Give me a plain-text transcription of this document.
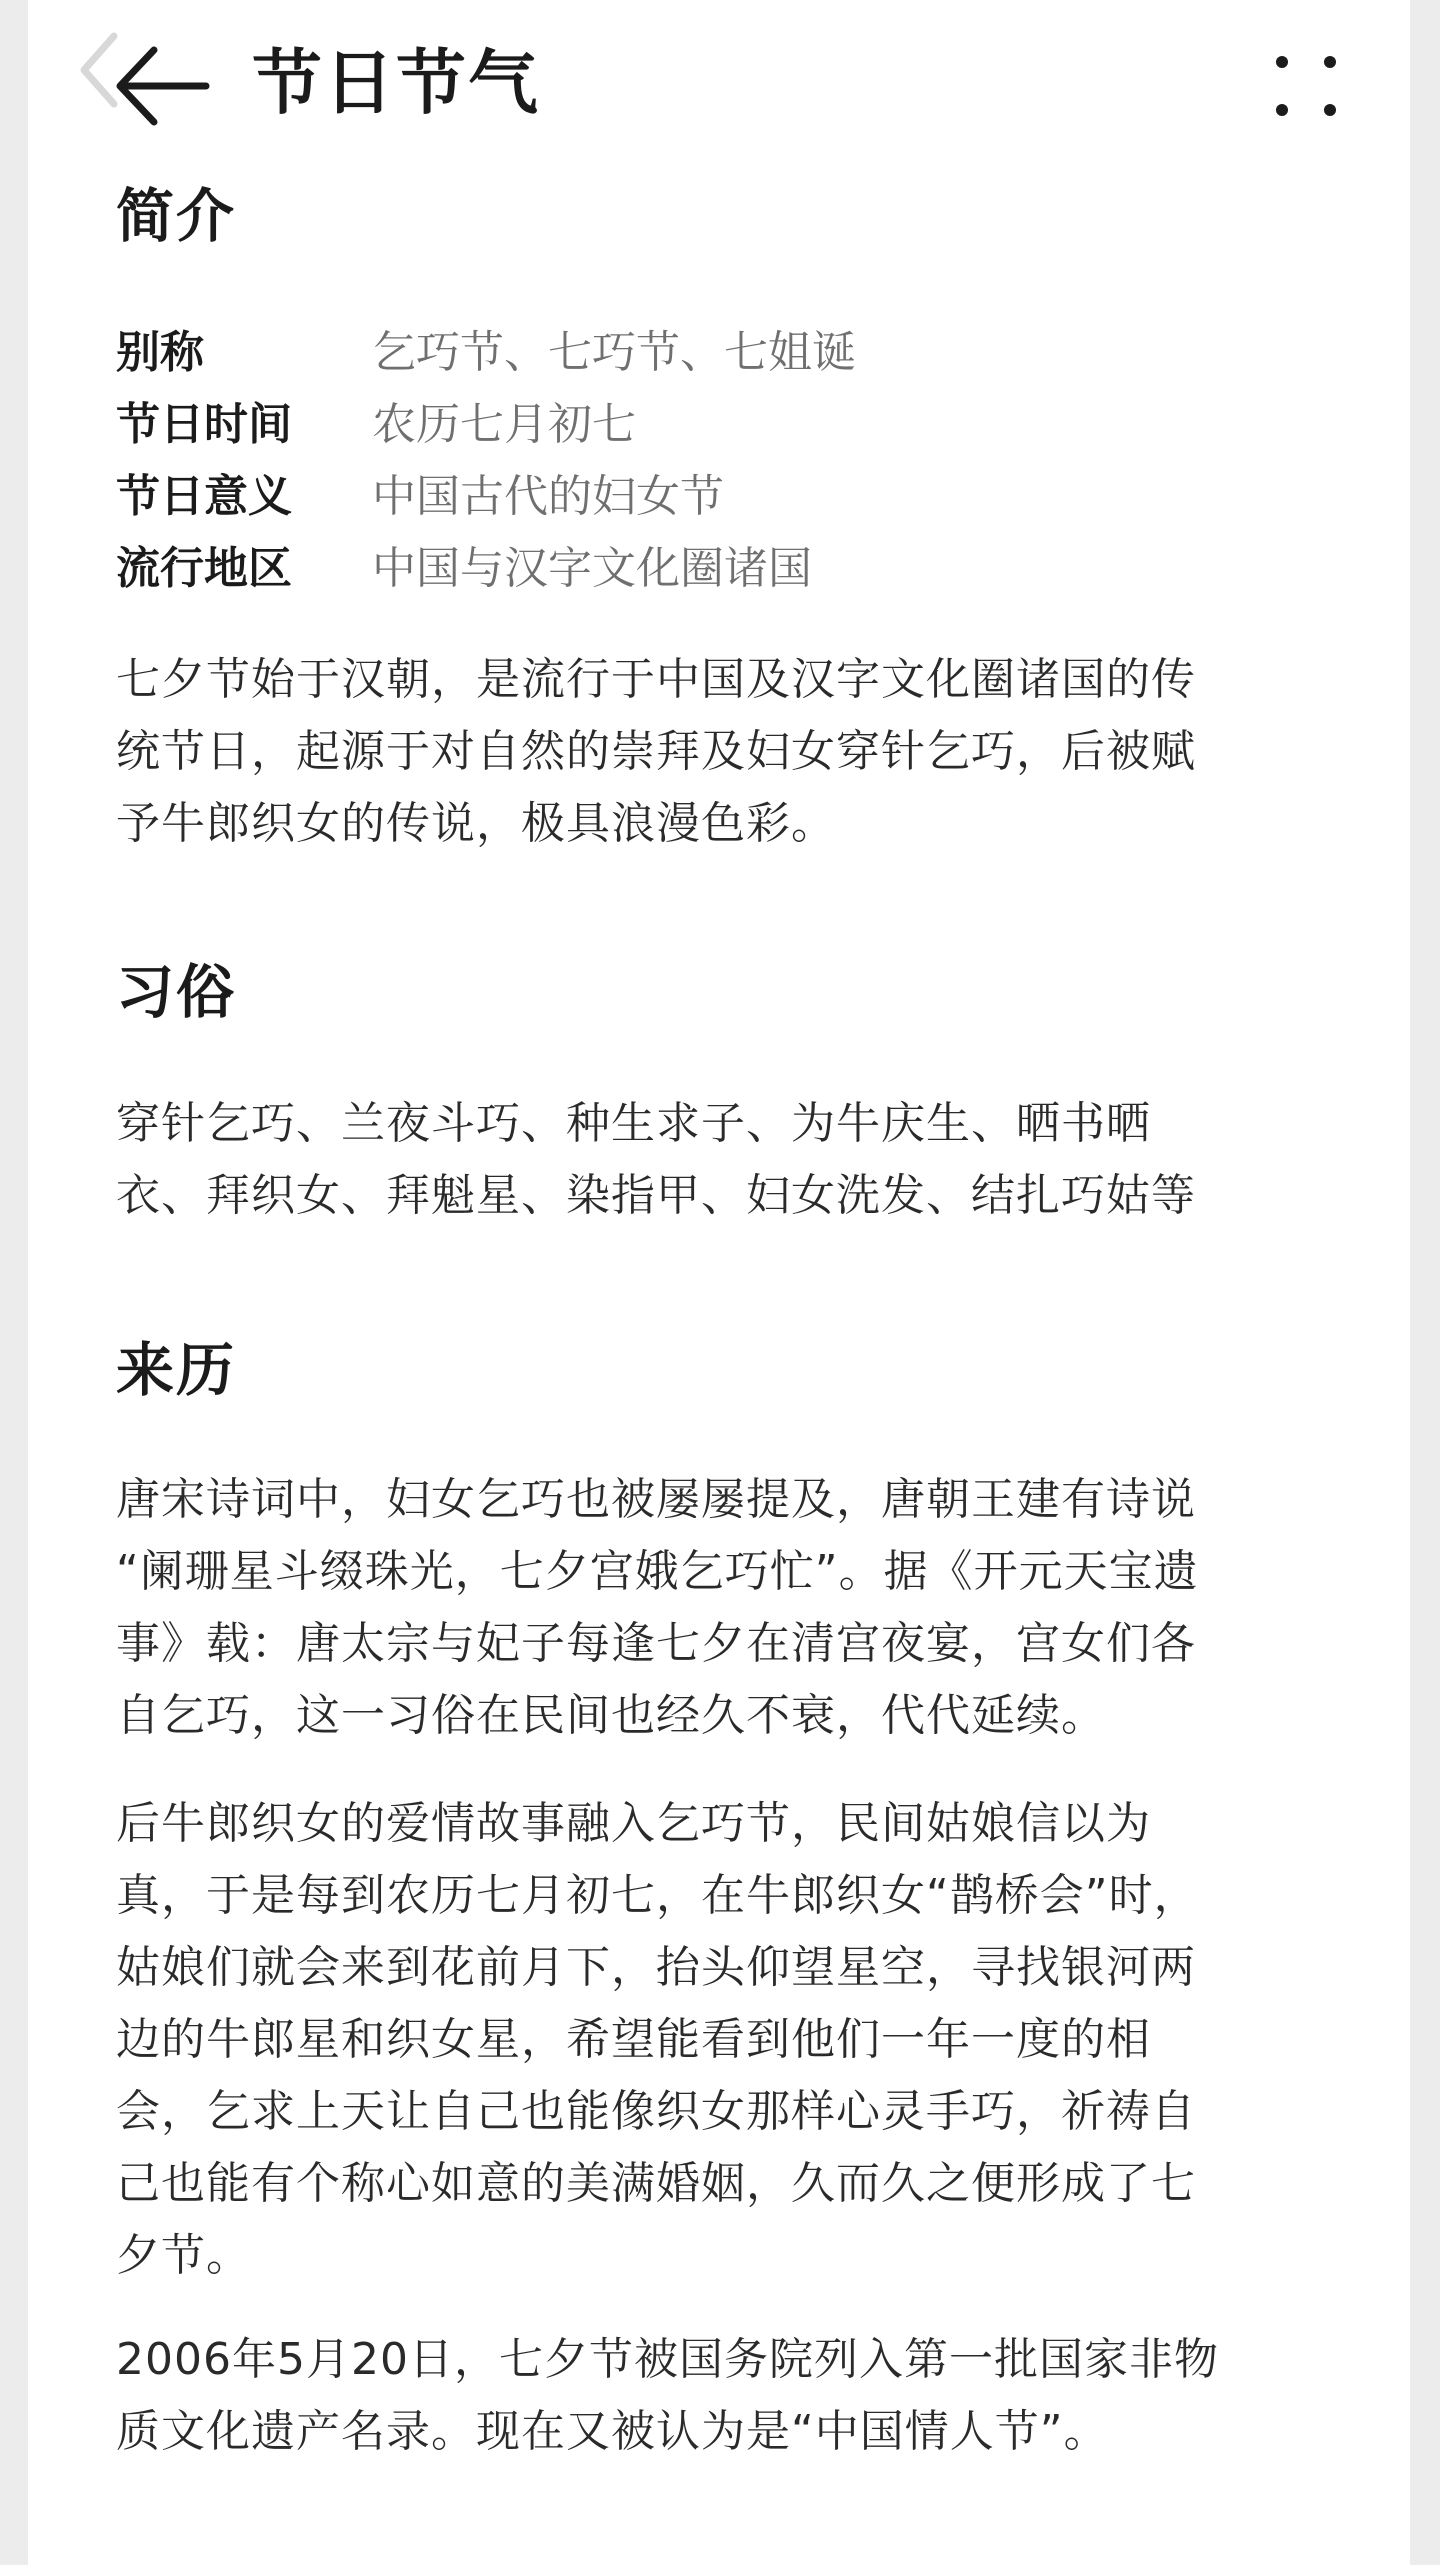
节日节气
简介
别称	乞巧节、七巧节、七姐诞
节日时间	农历七月初七
节日意义	中国古代的妇女节
流行地区	中国与汉字文化圈诸国
七夕节始于汉朝，是流行于中国及汉字文化圈诸国的传
统节日，起源于对自然的崇拜及妇女穿针乞巧，后被赋
予牛郎织女的传说，极具浪漫色彩。
习俗
穿针乞巧、兰夜斗巧、种生求子、为牛庆生、晒书晒
衣、拜织女、拜魁星、染指甲、妇女洗发、结扎巧姑等
来历
唐宋诗词中，妇女乞巧也被屡屡提及，唐朝王建有诗说
“阑珊星斗缀珠光，七夕宫娥乞巧忙”。据《开元天宝遗
事》载：唐太宗与妃子每逢七夕在清宫夜宴，宫女们各
自乞巧，这一习俗在民间也经久不衰，代代延续。
后牛郎织女的爱情故事融入乞巧节，民间姑娘信以为
真，于是每到农历七月初七，在牛郎织女“鹊桥会”时，
姑娘们就会来到花前月下，抬头仰望星空，寻找银河两
边的牛郎星和织女星，希望能看到他们一年一度的相
会，乞求上天让自己也能像织女那样心灵手巧，祈祷自
己也能有个称心如意的美满婚姻，久而久之便形成了七
夕节。
2006年5月20日，七夕节被国务院列入第一批国家非物
质文化遗产名录。现在又被认为是“中国情人节”。
